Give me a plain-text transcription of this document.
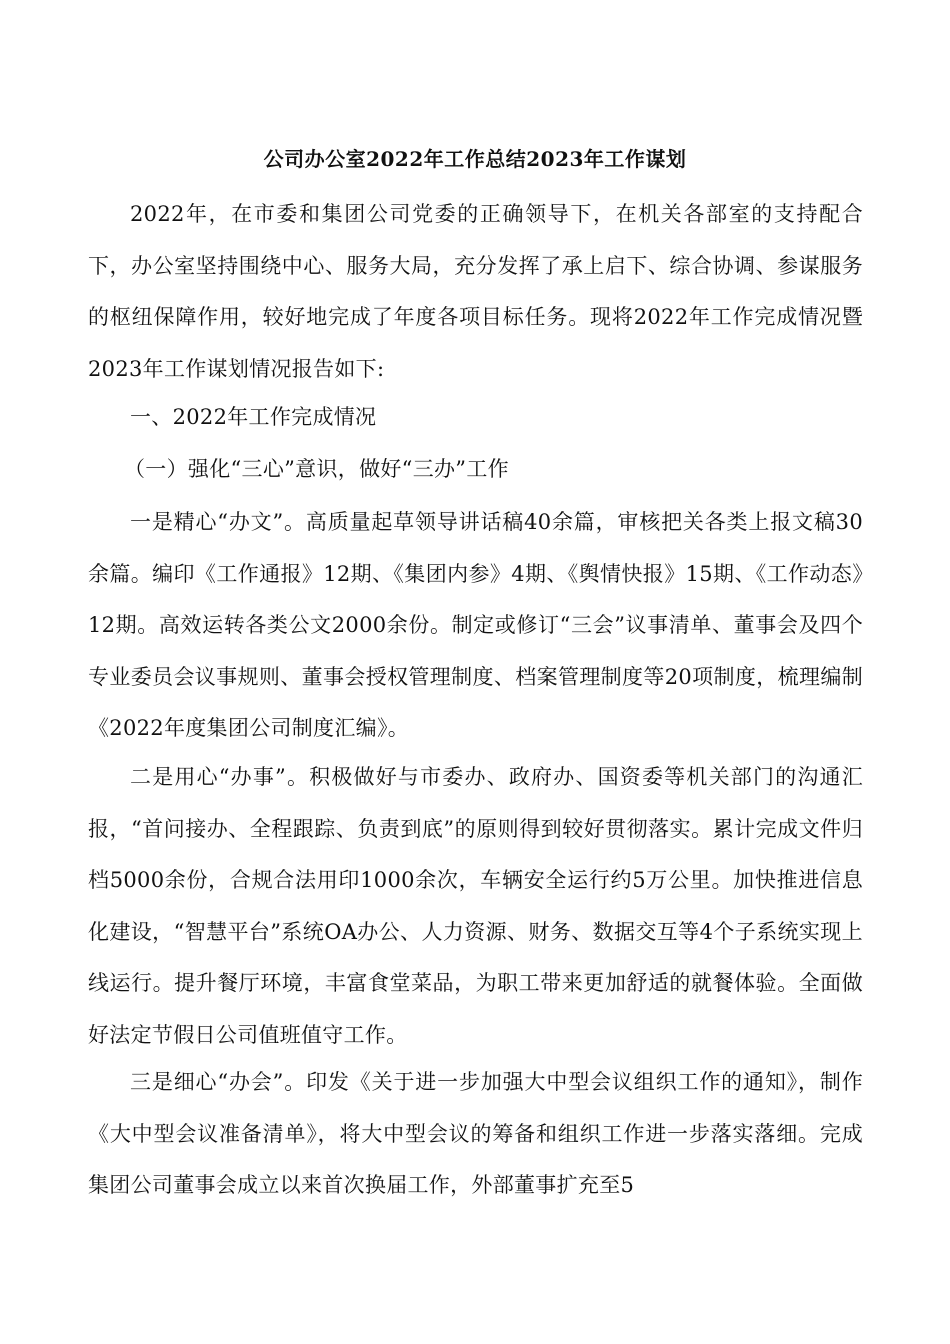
公司办公室2022年工作总结2023年工作谋划

2022年，在市委和集团公司党委的正确领导下，在机关各部室的支持配合下，办公室坚持围绕中心、服务大局，充分发挥了承上启下、综合协调、参谋服务的枢纽保障作用，较好地完成了年度各项目标任务。现将2022年工作完成情况暨2023年工作谋划情况报告如下:

一、2022年工作完成情况

（一）强化“三心”意识，做好“三办”工作

一是精心“办文”。高质量起草领导讲话稿40余篇，审核把关各类上报文稿30余篇。编印《工作通报》12期、《集团内参》4期、《舆情快报》15期、《工作动态》12期。高效运转各类公文2000余份。制定或修订“三会”议事清单、董事会及四个专业委员会议事规则、董事会授权管理制度、档案管理制度等20项制度，梳理编制《2022年度集团公司制度汇编》。

二是用心“办事”。积极做好与市委办、政府办、国资委等机关部门的沟通汇报，“首问接办、全程跟踪、负责到底”的原则得到较好贯彻落实。累计完成文件归档5000余份，合规合法用印1000余次，车辆安全运行约5万公里。加快推进信息化建设，“智慧平台”系统OA办公、人力资源、财务、数据交互等4个子系统实现上线运行。提升餐厅环境，丰富食堂菜品，为职工带来更加舒适的就餐体验。全面做好法定节假日公司值班值守工作。

三是细心“办会”。印发《关于进一步加强大中型会议组织工作的通知》，制作《大中型会议准备清单》，将大中型会议的筹备和组织工作进一步落实落细。完成集团公司董事会成立以来首次换届工作，外部董事扩充至5
